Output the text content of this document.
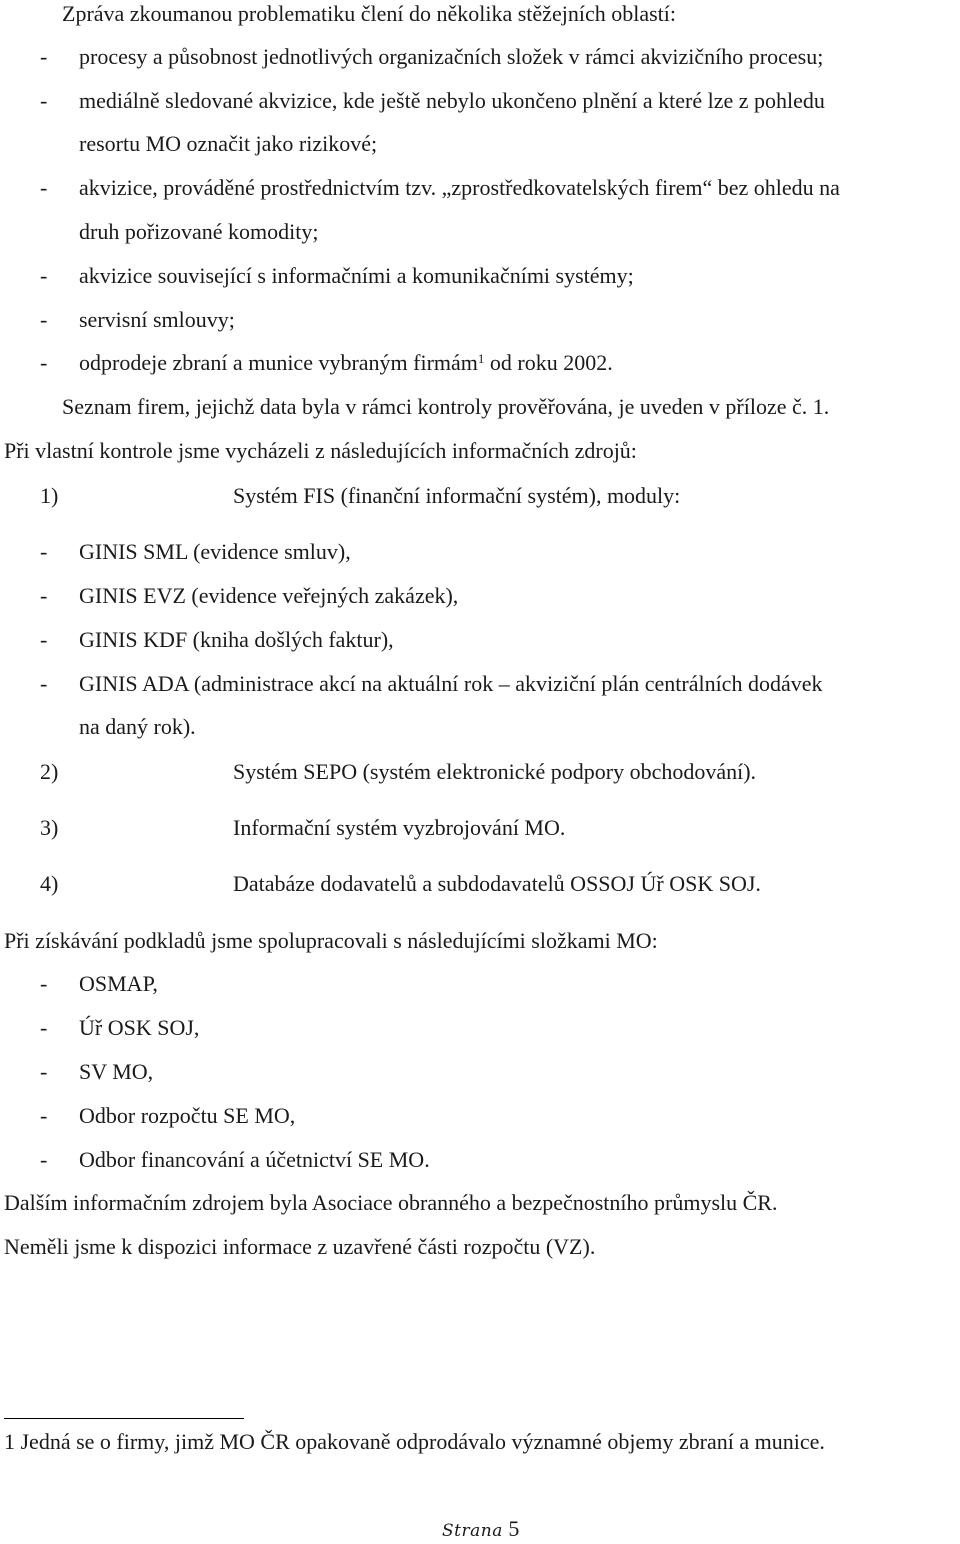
Zpráva zkoumanou problematiku člení do několika stěžejních oblastí:
- procesy a působnost jednotlivých organizačních složek v rámci akvizičního procesu;
- mediálně sledované akvizice, kde ještě nebylo ukončeno plnění a které lze z pohledu
resortu MO označit jako rizikové;
- akvizice, prováděné prostřednictvím tzv. „zprostředkovatelských firem“ bez ohledu na
druh pořizované komodity;
- akvizice související s informačními a komunikačními systémy;
- servisní smlouvy;
- odprodeje zbraní a munice vybraným firmám$^1$ od roku 2002.
Seznam firem, jejichž data byla v rámci kontroly prověřována, je uveden v příloze č. 1.
Při vlastní kontrole jsme vycházeli z následujících informačních zdrojů:
1)	Systém FIS (finanční informační systém), moduly:
- GINIS SML (evidence smluv),
- GINIS EVZ (evidence veřejných zakázek),
- GINIS KDF (kniha došlých faktur),
- GINIS ADA (administrace akcí na aktuální rok – akviziční plán centrálních dodávek
na daný rok).
2)	Systém SEPO (systém elektronické podpory obchodování).
3)	Informační systém vyzbrojování MO.
4)	Databáze dodavatelů a subdodavatelů OSSOJ Úř OSK SOJ.
Při získávání podkladů jsme spolupracovali s následujícími složkami MO:
- OSMAP,
- Úř OSK SOJ,
- SV MO,
- Odbor rozpočtu SE MO,
- Odbor financování a účetnictví SE MO.
Dalším informačním zdrojem byla Asociace obranného a bezpečnostního průmyslu ČR.
Neměli jsme k dispozici informace z uzavřené části rozpočtu (VZ).
1 Jedná se o firmy, jimž MO ČR opakovaně odprodávalo významné objemy zbraní a munice.
Strana 5
